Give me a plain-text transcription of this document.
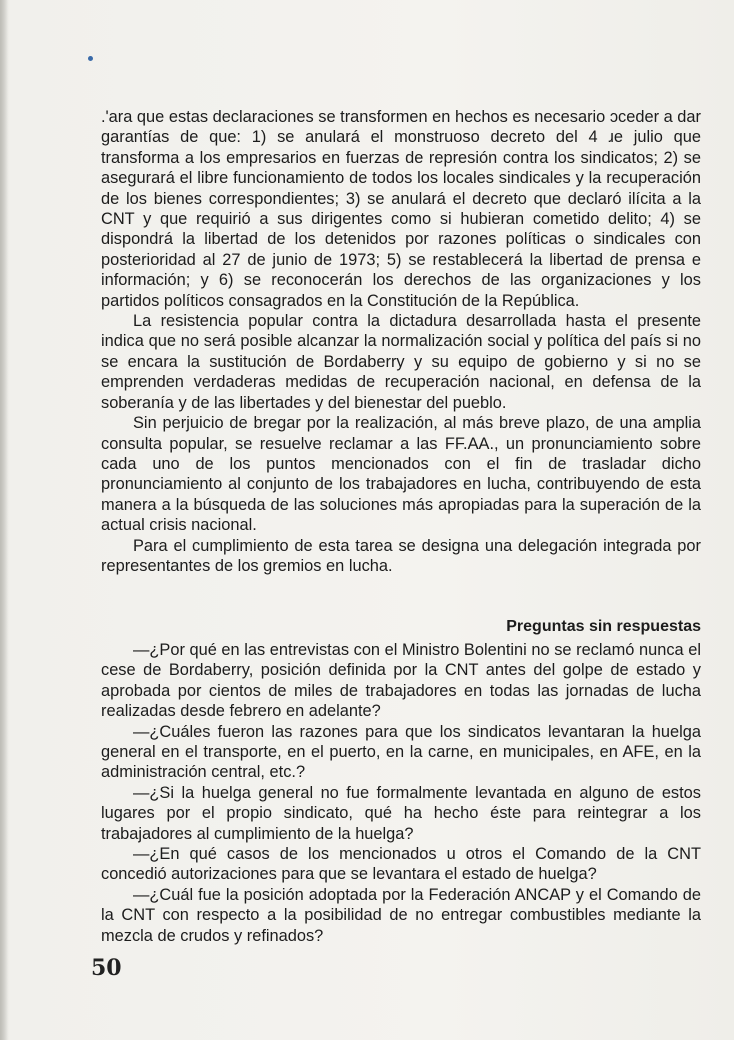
.'ara que estas declaraciones se transformen en hechos es necesario ɔceder a dar garantías de que: 1) se anulará el monstruoso decreto del 4 ɹe julio que transforma a los empresarios en fuerzas de represión contra los sindicatos; 2) se asegurará el libre funcionamiento de todos los locales sindicales y la recuperación de los bienes correspondientes; 3) se anulará el decreto que declaró ilícita a la CNT y que requirió a sus dirigentes como si hubieran cometido delito; 4) se dispondrá la libertad de los detenidos por razones políticas o sindicales con posterioridad al 27 de junio de 1973; 5) se restablecerá la libertad de prensa e información; y 6) se reconocerán los derechos de las organizaciones y los partidos políticos consagrados en la Constitución de la República.

La resistencia popular contra la dictadura desarrollada hasta el presente indica que no será posible alcanzar la normalización social y política del país si no se encara la sustitución de Bordaberry y su equipo de gobierno y si no se emprenden verdaderas medidas de recuperación nacional, en defensa de la soberanía y de las libertades y del bienestar del pueblo.

Sin perjuicio de bregar por la realización, al más breve plazo, de una amplia consulta popular, se resuelve reclamar a las FF.AA., un pronunciamiento sobre cada uno de los puntos mencionados con el fin de trasladar dicho pronunciamiento al conjunto de los trabajadores en lucha, contribuyendo de esta manera a la búsqueda de las soluciones más apropiadas para la superación de la actual crisis nacional.

Para el cumplimiento de esta tarea se designa una delegación integrada por representantes de los gremios en lucha.

Preguntas sin respuestas

—¿Por qué en las entrevistas con el Ministro Bolentini no se reclamó nunca el cese de Bordaberry, posición definida por la CNT antes del golpe de estado y aprobada por cientos de miles de trabajadores en todas las jornadas de lucha realizadas desde febrero en adelante?

—¿Cuáles fueron las razones para que los sindicatos levantaran la huelga general en el transporte, en el puerto, en la carne, en municipales, en AFE, en la administración central, etc.?

—¿Si la huelga general no fue formalmente levantada en alguno de estos lugares por el propio sindicato, qué ha hecho éste para reintegrar a los trabajadores al cumplimiento de la huelga?

—¿En qué casos de los mencionados u otros el Comando de la CNT concedió autorizaciones para que se levantara el estado de huelga?

—¿Cuál fue la posición adoptada por la Federación ANCAP y el Comando de la CNT con respecto a la posibilidad de no entregar combustibles mediante la mezcla de crudos y refinados?

50
